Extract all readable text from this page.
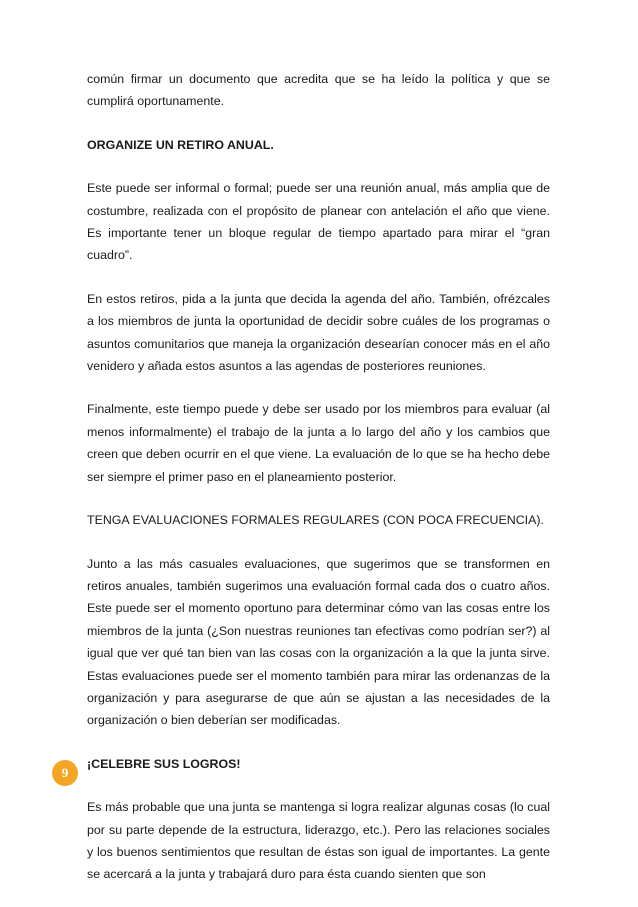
común firmar un documento que acredita que se ha leído la política y que se cumplirá oportunamente.

ORGANIZE UN RETIRO ANUAL.

Este puede ser informal o formal; puede ser una reunión anual, más amplia que de costumbre, realizada con el propósito de planear con antelación el año que viene. Es importante tener un bloque regular de tiempo apartado para mirar el “gran cuadro”.

En estos retiros, pida a la junta que decida la agenda del año. También, ofrézcales a los miembros de junta la oportunidad de decidir sobre cuáles de los programas o asuntos comunitarios que maneja la organización desearían conocer más en el año venidero y añada estos asuntos a las agendas de posteriores reuniones.

Finalmente, este tiempo puede y debe ser usado por los miembros para evaluar (al menos informalmente) el trabajo de la junta a lo largo del año y los cambios que creen que deben ocurrir en el que viene. La evaluación de lo que se ha hecho debe ser siempre el primer paso en el planeamiento posterior.

TENGA EVALUACIONES FORMALES REGULARES (CON POCA FRECUENCIA).

Junto a las más casuales evaluaciones, que sugerimos que se transformen en retiros anuales, también sugerimos una evaluación formal cada dos o cuatro años. Este puede ser el momento oportuno para determinar cómo van las cosas entre los miembros de la junta (¿Son nuestras reuniones tan efectivas como podrían ser?) al igual que ver qué tan bien van las cosas con la organización a la que la junta sirve. Estas evaluaciones puede ser el momento también para mirar las ordenanzas de la organización y para asegurarse de que aún se ajustan a las necesidades de la organización o bien deberían ser modificadas.

¡CELEBRE SUS LOGROS!

Es más probable que una junta se mantenga si logra realizar algunas cosas (lo cual por su parte depende de la estructura, liderazgo, etc.). Pero las relaciones sociales y los buenos sentimientos que resultan de éstas son igual de importantes. La gente se acercará a la junta y trabajará duro para ésta cuando sienten que son

9
